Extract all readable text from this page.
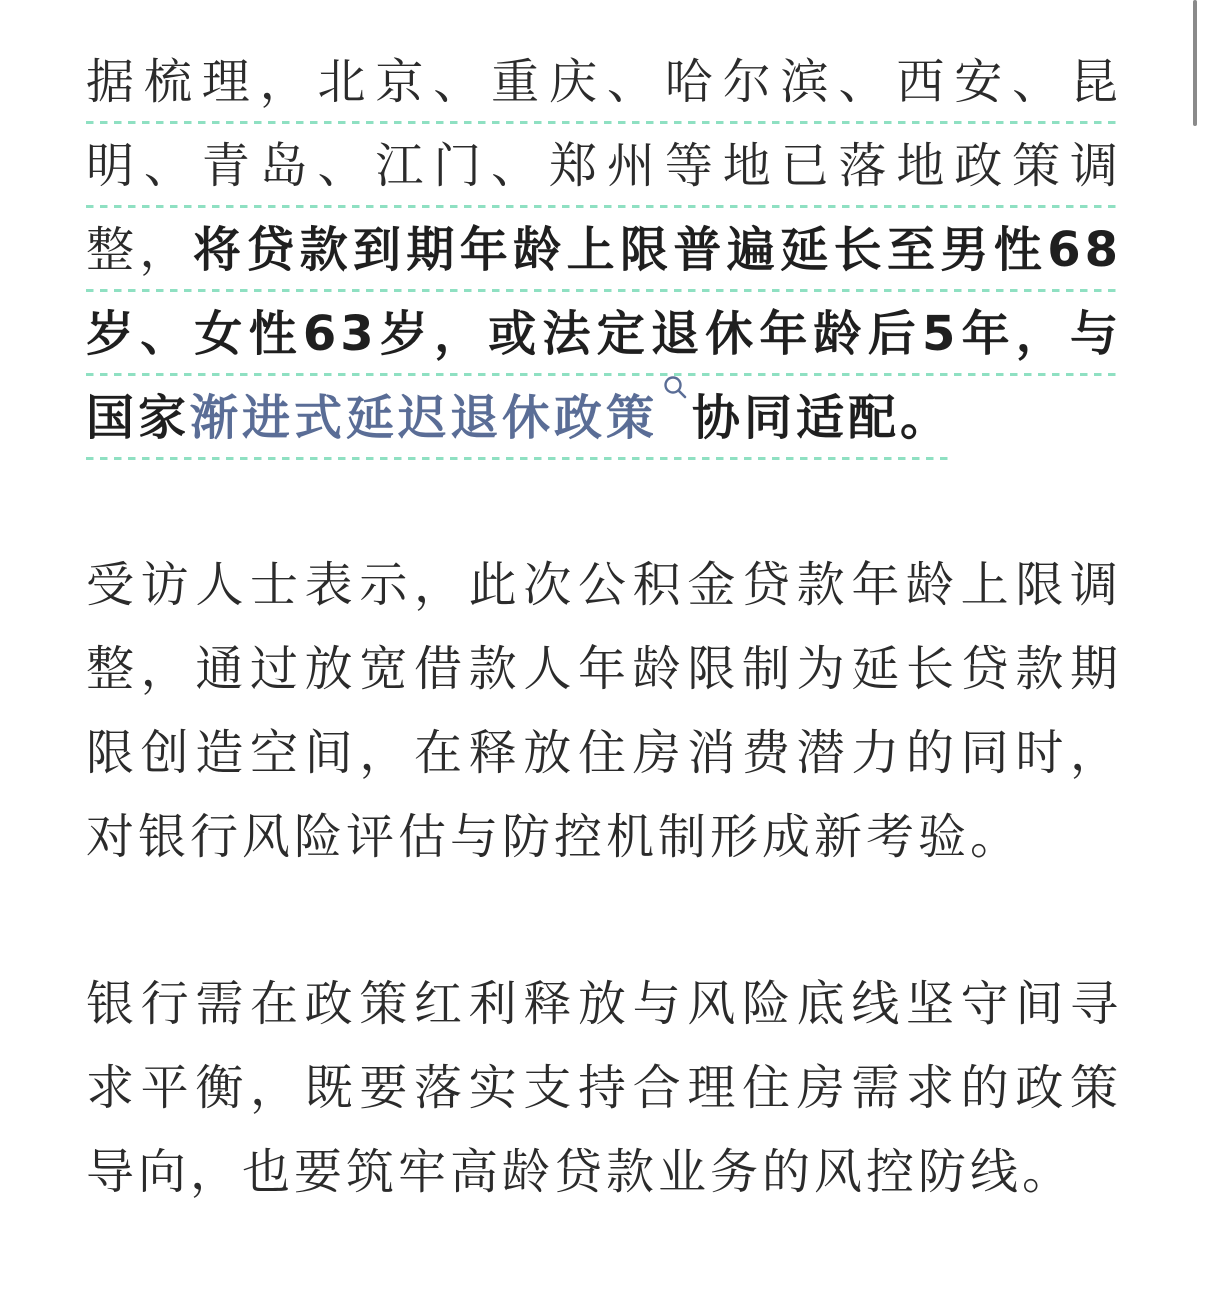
据梳理，北京、重庆、哈尔滨、西安、昆明、青岛、江门、郑州等地已落地政策调整，将贷款到期年龄上限普遍延长至男性68岁、女性63岁，或法定退休年龄后5年，与国家渐进式延迟退休政策 协同适配。

受访人士表示，此次公积金贷款年龄上限调整，通过放宽借款人年龄限制为延长贷款期限创造空间，在释放住房消费潜力的同时，对银行风险评估与防控机制形成新考验。

银行需在政策红利释放与风险底线坚守间寻求平衡，既要落实支持合理住房需求的政策导向，也要筑牢高龄贷款业务的风控防线。
